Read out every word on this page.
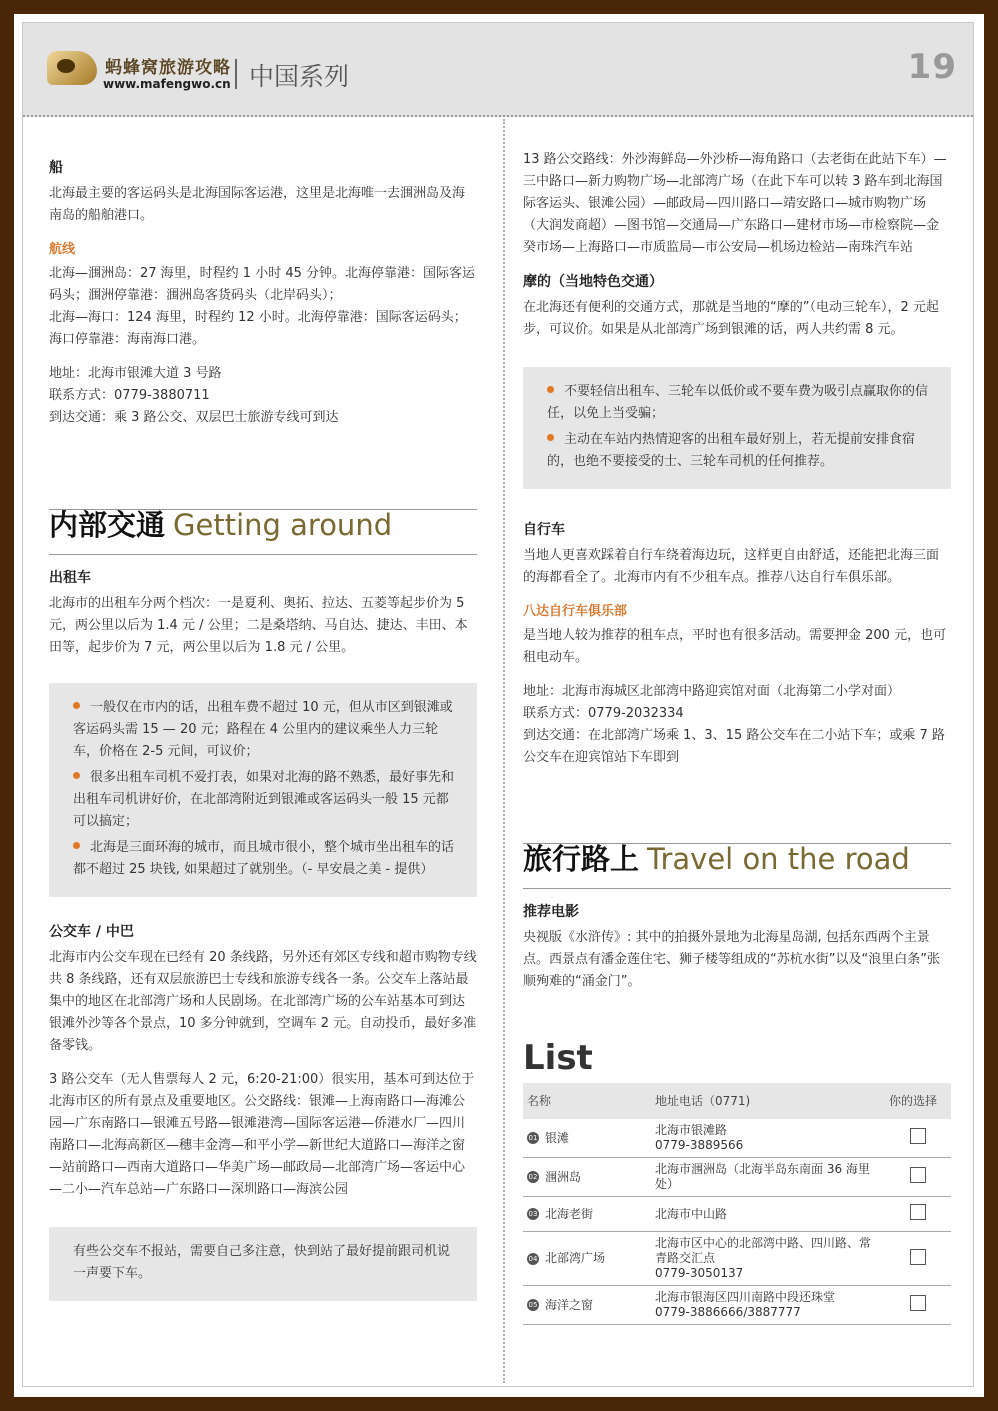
蚂蜂窝旅游攻略
www.mafengwo.cn 中国系列	19
船

北海最主要的客运码头是北海国际客运港，这里是北海唯一去涠洲岛及海南岛的船舶港口。

航线

北海—涠洲岛：27 海里，时程约 1 小时 45 分钟。北海停靠港：国际客运码头；涠洲停靠港：涠洲岛客货码头（北岸码头）；

北海—海口：124 海里，时程约 12 小时。北海停靠港：国际客运码头；海口停靠港：海南海口港。

地址：北海市银滩大道 3 号路

联系方式：0779-3880711

到达交通：乘 3 路公交、双层巴士旅游专线可到达

内部交通 Getting around
出租车

北海市的出租车分两个档次：一是夏利、奥拓、拉达、五菱等起步价为 5 元，两公里以后为 1.4 元 / 公里；二是桑塔纳、马自达、捷达、丰田、本田等，起步价为 7 元，两公里以后为 1.8 元 / 公里。

一般仅在市内的话，出租车费不超过 10 元，但从市区到银滩或客运码头需 15 — 20 元；路程在 4 公里内的建议乘坐人力三轮车，价格在 2-5 元间，可议价；

很多出租车司机不爱打表，如果对北海的路不熟悉，最好事先和出租车司机讲好价，在北部湾附近到银滩或客运码头一般 15 元都可以搞定；

北海是三面环海的城市，而且城市很小，整个城市坐出租车的话都不超过 25 块钱, 如果超过了就别坐。（- 早安晨之美 - 提供）

公交车 / 中巴

北海市内公交车现在已经有 20 条线路，另外还有郊区专线和超市购物专线共 8 条线路，还有双层旅游巴士专线和旅游专线各一条。公交车上落站最集中的地区在北部湾广场和人民剧场。在北部湾广场的公车站基本可到达银滩外沙等各个景点，10 多分钟就到，空调车 2 元。自动投币，最好多准备零钱。

3 路公交车（无人售票每人 2 元，6:20-21:00）很实用，基本可到达位于北海市区的所有景点及重要地区。公交路线：银滩—上海南路口—海滩公园—广东南路口—银滩五号路—银滩港湾—国际客运港—侨港水厂—四川南路口—北海高新区—穗丰金湾—和平小学—新世纪大道路口—海洋之窗—站前路口—西南大道路口—华美广场—邮政局—北部湾广场—客运中心—二小—汽车总站—广东路口—深圳路口—海滨公园

有些公交车不报站，需要自己多注意，快到站了最好提前跟司机说一声要下车。

13 路公交路线：外沙海鲜岛—外沙桥—海角路口（去老街在此站下车）—三中路口—新力购物广场—北部湾广场（在此下车可以转 3 路车到北海国际客运头、银滩公园）—邮政局—四川路口—靖安路口—城市购物广场（大润发商超）—图书馆—交通局—广东路口—建材市场—市检察院—金癸市场—上海路口—市质监局—市公安局—机场边检站—南珠汽车站

摩的（当地特色交通）

在北海还有便利的交通方式，那就是当地的“摩的”（电动三轮车），2 元起步，可议价。如果是从北部湾广场到银滩的话，两人共约需 8 元。

不要轻信出租车、三轮车以低价或不要车费为吸引点赢取你的信任，以免上当受骗；

主动在车站内热情迎客的出租车最好别上，若无提前安排食宿的，也绝不要接受的士、三轮车司机的任何推荐。

自行车

当地人更喜欢踩着自行车绕着海边玩，这样更自由舒适，还能把北海三面的海都看全了。北海市内有不少租车点。推荐八达自行车俱乐部。

八达自行车俱乐部

是当地人较为推荐的租车点，平时也有很多活动。需要押金 200 元，也可租电动车。

地址：北海市海城区北部湾中路迎宾馆对面（北海第二小学对面）

联系方式：0779-2032334

到达交通：在北部湾广场乘 1、3、15 路公交车在二小站下车；或乘 7 路公交车在迎宾馆站下车即到

旅行路上 Travel on the road
推荐电影

央视版《水浒传》: 其中的拍摄外景地为北海星岛湖, 包括东西两个主景点。西景点有潘金莲住宅、狮子楼等组成的“苏杭水街”以及“浪里白条”张顺殉难的“涌金门”。

List
名称	地址电话（0771)	你的选择
01 银滩	北海市银滩路
0779-3889566	

02 涠洲岛	北海市涠洲岛（北海半岛东南面 36 海里处）	

03 北海老街	北海市中山路	

04 北部湾广场	北海市区中心的北部湾中路、四川路、常青路交汇点
0779-3050137	

05 海洋之窗	北海市银海区四川南路中段还珠堂
0779-3886666/3887777	
